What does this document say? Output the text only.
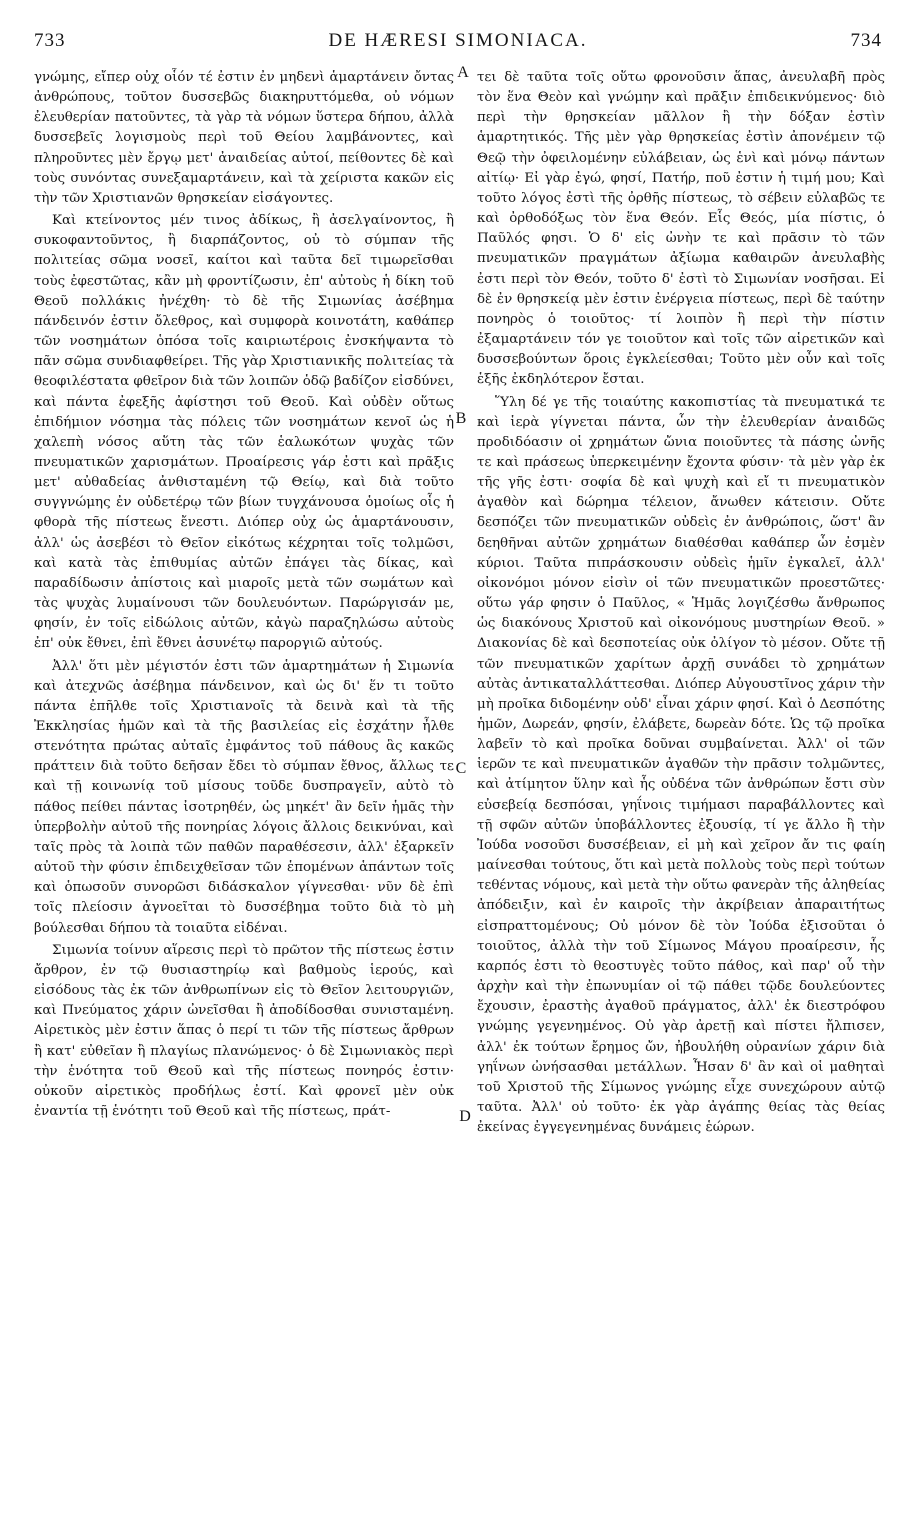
733	DE HÆRESI SIMONIACA.	734

γνώμης, εἴπερ οὐχ οἷόν τέ ἐστιν ἐν μηδενὶ ἁμαρτάνειν ὄντας ἀνθρώπους, τοῦτον δυσσεβῶς διακηρυττόμεθα, οὐ νόμων ἐλευθερίαν πατοῦντες, τὰ γὰρ τὰ νόμων ὕστερα δήπου, ἀλλὰ δυσσεβεῖς λογισμοὺς περὶ τοῦ Θείου λαμβάνοντες, καὶ πληροῦντες μὲν ἔργῳ μετ' ἀναιδείας αὐτοί, πείθοντες δὲ καὶ τοὺς συνόντας συνεξαμαρτάνειν, καὶ τὰ χείριστα κακῶν εἰς τὴν τῶν Χριστιανῶν θρησκείαν εἰσάγοντες.

Καὶ κτείνοντος μέν τινος ἀδίκως, ἢ ἀσελγαίνοντος, ἢ συκοφαντοῦντος, ἢ διαρπάζοντος, οὐ τὸ σύμπαν τῆς πολιτείας σῶμα νοσεῖ, καίτοι καὶ ταῦτα δεῖ τιμωρεῖσθαι τοὺς ἐφεστῶτας, κἂν μὴ φροντίζωσιν, ἐπ' αὐτοὺς ἡ δίκη τοῦ Θεοῦ πολλάκις ἠνέχθη· τὸ δὲ τῆς Σιμωνίας ἀσέβημα πάνδεινόν ἐστιν ὄλεθρος, καὶ συμφορὰ κοινοτάτη, καθάπερ τῶν νοσημάτων ὁπόσα τοῖς καιριωτέροις ἐνσκήψαντα τὸ πᾶν σῶμα συνδιαφθείρει. Τῆς γὰρ Χριστιανικῆς πολιτείας τὰ θεοφιλέστατα φθεῖρον διὰ τῶν λοιπῶν ὁδῷ βαδίζον εἰσδύνει, καὶ πάντα ἐφεξῆς ἀφίστησι τοῦ Θεοῦ. Καὶ οὐδὲν οὕτως ἐπιδήμιον νόσημα τὰς πόλεις τῶν νοσημάτων κενοῖ ὡς ἡ χαλεπὴ νόσος αὕτη τὰς τῶν ἑαλωκότων ψυχὰς τῶν πνευματικῶν χαρισμάτων. Προαίρεσις γάρ ἐστι καὶ πρᾶξις μετ' αὐθαδείας ἀνθισταμένη τῷ Θείῳ, καὶ διὰ τοῦτο συγγνώμης ἐν οὐδετέρῳ τῶν βίων τυγχάνουσα ὁμοίως οἷς ἡ φθορὰ τῆς πίστεως ἔνεστι. Διόπερ οὐχ ὡς ἁμαρτάνουσιν, ἀλλ' ὡς ἀσεβέσι τὸ Θεῖον εἰκότως κέχρηται τοῖς τολμῶσι, καὶ κατὰ τὰς ἐπιθυμίας αὐτῶν ἐπάγει τὰς δίκας, καὶ παραδίδωσιν ἀπίστοις καὶ μιαροῖς μετὰ τῶν σωμάτων καὶ τὰς ψυχὰς λυμαίνουσι τῶν δουλευόντων. Παρώργισάν με, φησίν, ἐν τοῖς εἰδώλοις αὐτῶν, κἀγὼ παραζηλώσω αὐτοὺς ἐπ' οὐκ ἔθνει, ἐπὶ ἔθνει ἀσυνέτῳ παροργιῶ αὐτούς.

Ἀλλ' ὅτι μὲν μέγιστόν ἐστι τῶν ἁμαρτημάτων ἡ Σιμωνία καὶ ἀτεχνῶς ἀσέβημα πάνδεινον, καὶ ὡς δι' ἕν τι τοῦτο πάντα ἐπῆλθε τοῖς Χριστιανοῖς τὰ δεινὰ καὶ τὰ τῆς Ἐκκλησίας ἡμῶν καὶ τὰ τῆς βασιλείας εἰς ἐσχάτην ἦλθε στενότητα πρώτας αὐταῖς ἐμφάντος τοῦ πάθους ἃς κακῶς πράττειν διὰ τοῦτο δεῆσαν ἔδει τὸ σύμπαν ἔθνος, ἄλλως τε καὶ τῇ κοινωνίᾳ τοῦ μίσους τοῦδε δυσπραγεῖν, αὐτὸ τὸ πάθος πείθει πάντας ἰσοτρηθέν, ὡς μηκέτ' ἂν δεῖν ἡμᾶς τὴν ὑπερβολὴν αὐτοῦ τῆς πονηρίας λόγοις ἄλλοις δεικνύναι, καὶ ταῖς πρὸς τὰ λοιπὰ τῶν παθῶν παραθέσεσιν, ἀλλ' ἐξαρκεῖν αὐτοῦ τὴν φύσιν ἐπιδειχθεῖσαν τῶν ἑπομένων ἁπάντων τοῖς καὶ ὁπωσοῦν συνορῶσι διδάσκαλον γίγνεσθαι· νῦν δὲ ἐπὶ τοῖς πλείοσιν ἀγνοεῖται τὸ δυσσέβημα τοῦτο διὰ τὸ μὴ βούλεσθαι δήπου τὰ τοιαῦτα εἰδέναι.

Σιμωνία τοίνυν αἵρεσις περὶ τὸ πρῶτον τῆς πίστεως ἐστιν ἄρθρον, ἐν τῷ θυσιαστηρίῳ καὶ βαθμοὺς ἱερούς, καὶ εἰσόδους τὰς ἐκ τῶν ἀνθρωπίνων εἰς τὸ Θεῖον λειτουργιῶν, καὶ Πνεύματος χάριν ὠνεῖσθαι ἢ ἀποδίδοσθαι συνισταμένη. Αἱρετικὸς μὲν ἐστιν ἅπας ὁ περί τι τῶν τῆς πίστεως ἄρθρων ἢ κατ' εὐθεῖαν ἢ πλαγίως πλανώμενος· ὁ δὲ Σιμωνιακὸς περὶ τὴν ἑνότητα τοῦ Θεοῦ καὶ τῆς πίστεως πονηρός ἐστιν· οὐκοῦν αἱρετικὸς προδήλως ἐστί. Καὶ φρονεῖ μὲν οὐκ ἐναντία τῇ ἑνότητι τοῦ Θεοῦ καὶ τῆς πίστεως, πράτ-

A
B
C
D

τει δὲ ταῦτα τοῖς οὕτω φρονοῦσιν ἅπας, ἀνευλαβῆ πρὸς τὸν ἕνα Θεὸν καὶ γνώμην καὶ πρᾶξιν ἐπιδεικνύμενος· διὸ περὶ τὴν θρησκείαν μᾶλλον ἢ τὴν δόξαν ἐστὶν ἁμαρτητικός. Τῆς μὲν γὰρ θρησκείας ἐστὶν ἀπονέμειν τῷ Θεῷ τὴν ὀφειλομένην εὐλάβειαν, ὡς ἑνὶ καὶ μόνῳ πάντων αἰτίῳ· Εἰ γὰρ ἐγώ, φησί, Πατήρ, ποῦ ἐστιν ἡ τιμή μου; Καὶ τοῦτο λόγος ἐστὶ τῆς ὀρθῆς πίστεως, τὸ σέβειν εὐλαβῶς τε καὶ ὀρθοδόξως τὸν ἕνα Θεόν. Εἷς Θεός, μία πίστις, ὁ Παῦλός φησι. Ὁ δ' εἰς ὠνὴν τε καὶ πρᾶσιν τὸ τῶν πνευματικῶν πραγμάτων ἀξίωμα καθαιρῶν ἀνευλαβὴς ἐστι περὶ τὸν Θεόν, τοῦτο δ' ἐστὶ τὸ Σιμωνίαν νοσῆσαι. Εἰ δὲ ἐν θρησκείᾳ μὲν ἐστιν ἐνέργεια πίστεως, περὶ δὲ ταύτην πονηρὸς ὁ τοιοῦτος· τί λοιπὸν ἢ περὶ τὴν πίστιν ἐξαμαρτάνειν τόν γε τοιοῦτον καὶ τοῖς τῶν αἱρετικῶν καὶ δυσσεβούντων ὅροις ἐγκλείεσθαι; Τοῦτο μὲν οὖν καὶ τοῖς ἑξῆς ἐκδηλότερον ἔσται.

Ὕλη δέ γε τῆς τοιαύτης κακοπιστίας τὰ πνευματικά τε καὶ ἱερὰ γίγνεται πάντα, ὧν τὴν ἐλευθερίαν ἀναιδῶς προδιδόασιν οἱ χρημάτων ὤνια ποιοῦντες τὰ πάσης ὠνῆς τε καὶ πράσεως ὑπερκειμένην ἔχοντα φύσιν· τὰ μὲν γὰρ ἐκ τῆς γῆς ἐστι· σοφία δὲ καὶ ψυχὴ καὶ εἴ τι πνευματικὸν ἀγαθὸν καὶ δώρημα τέλειον, ἄνωθεν κάτεισιν. Οὔτε δεσπόζει τῶν πνευματικῶν οὐδεὶς ἐν ἀνθρώποις, ὥστ' ἂν δεηθῆναι αὐτῶν χρημάτων διαθέσθαι καθάπερ ὧν ἐσμὲν κύριοι. Ταῦτα πιπράσκουσιν οὐδεὶς ἡμῖν ἐγκαλεῖ, ἀλλ' οἰκονόμοι μόνον εἰσὶν οἱ τῶν πνευματικῶν προεστῶτες· οὕτω γάρ φησιν ὁ Παῦλος, « Ἡμᾶς λογιζέσθω ἄνθρωπος ὡς διακόνους Χριστοῦ καὶ οἰκονόμους μυστηρίων Θεοῦ. » Διακονίας δὲ καὶ δεσποτείας οὐκ ὀλίγον τὸ μέσον. Οὔτε τῇ τῶν πνευματικῶν χαρίτων ἀρχῇ συνάδει τὸ χρημάτων αὐτὰς ἀντικαταλλάττεσθαι. Διόπερ Αὐγουστῖνος χάριν τὴν μὴ προῖκα διδομένην οὐδ' εἶναι χάριν φησί. Καὶ ὁ Δεσπότης ἡμῶν, Δωρεάν, φησίν, ἐλάβετε, δωρεὰν δότε. Ὡς τῷ προῖκα λαβεῖν τὸ καὶ προῖκα δοῦναι συμβαίνεται. Ἀλλ' οἱ τῶν ἱερῶν τε καὶ πνευματικῶν ἀγαθῶν τὴν πρᾶσιν τολμῶντες, καὶ ἀτίμητον ὕλην καὶ ἧς οὐδένα τῶν ἀνθρώπων ἔστι σὺν εὐσεβείᾳ δεσπόσαι, γηΐνοις τιμήμασι παραβάλλοντες καὶ τῇ σφῶν αὐτῶν ὑποβάλλοντες ἐξουσίᾳ, τί γε ἄλλο ἢ τὴν Ἰούδα νοσοῦσι δυσσέβειαν, εἰ μὴ καὶ χεῖρον ἄν τις φαίη μαίνεσθαι τούτους, ὅτι καὶ μετὰ πολλοὺς τοὺς περὶ τούτων τεθέντας νόμους, καὶ μετὰ τὴν οὕτω φανερὰν τῆς ἀληθείας ἀπόδειξιν, καὶ ἐν καιροῖς τὴν ἀκρίβειαν ἀπαραιτήτως εἰσπραττομένους; Οὐ μόνον δὲ τὸν Ἰούδα ἐξισοῦται ὁ τοιοῦτος, ἀλλὰ τὴν τοῦ Σίμωνος Μάγου προαίρεσιν, ἧς καρπός ἐστι τὸ θεοστυγὲς τοῦτο πάθος, καὶ παρ' οὗ τὴν ἀρχὴν καὶ τὴν ἐπωνυμίαν οἱ τῷ πάθει τῷδε δουλεύοντες ἔχουσιν, ἐραστὴς ἀγαθοῦ πράγματος, ἀλλ' ἐκ διεστρόφου γνώμης γεγενημένος. Οὐ γὰρ ἀρετῇ καὶ πίστει ἤλπισεν, ἀλλ' ἐκ τούτων ἔρημος ὤν, ἠβουλήθη οὐρανίων χάριν διὰ γηΐνων ὠνήσασθαι μετάλλων. Ἦσαν δ' ἂν καὶ οἱ μαθηταὶ τοῦ Χριστοῦ τῆς Σίμωνος γνώμης εἶχε συνεχώρουν αὐτῷ ταῦτα. Ἀλλ' οὐ τοῦτο· ἐκ γὰρ ἀγάπης θείας τὰς θείας ἐκείνας ἐγγεγενημένας δυνάμεις ἑώρων.
